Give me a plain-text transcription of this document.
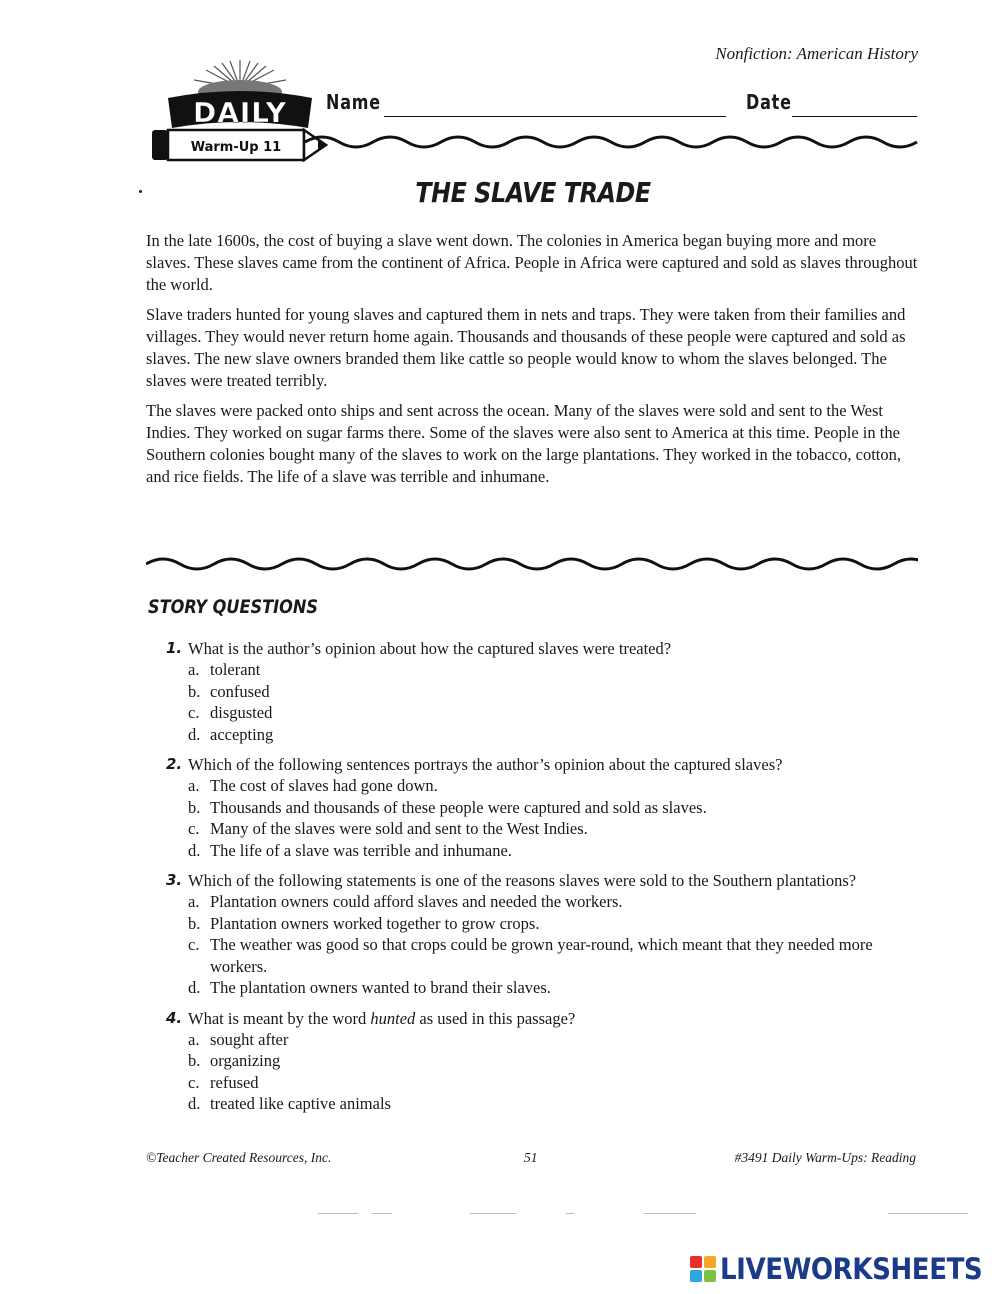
Nonfiction: American History
DAILY
Warm-Up 11
Name	Date
THE SLAVE TRADE

In the late 1600s, the cost of buying a slave went down. The colonies in America began buying more and more slaves. These slaves came from the continent of Africa. People in Africa were captured and sold as slaves throughout the world.

Slave traders hunted for young slaves and captured them in nets and traps. They were taken from their families and villages. They would never return home again. Thousands and thousands of these people were captured and sold as slaves. The new slave owners branded them like cattle so people would know to whom the slaves belonged. The slaves were treated terribly.

The slaves were packed onto ships and sent across the ocean. Many of the slaves were sold and sent to the West Indies. They worked on sugar farms there. Some of the slaves were also sent to America at this time. People in the Southern colonies bought many of the slaves to work on the large plantations. They worked in the tobacco, cotton, and rice fields. The life of a slave was terrible and inhumane.

STORY QUESTIONS
1. What is the author’s opinion about how the captured slaves were treated?
a. tolerant
b. confused
c. disgusted
d. accepting
2. Which of the following sentences portrays the author’s opinion about the captured slaves?
a. The cost of slaves had gone down.
b. Thousands and thousands of these people were captured and sold as slaves.
c. Many of the slaves were sold and sent to the West Indies.
d. The life of a slave was terrible and inhumane.
3. Which of the following statements is one of the reasons slaves were sold to the Southern plantations?
a. Plantation owners could afford slaves and needed the workers.
b. Plantation owners worked together to grow crops.
c. The weather was good so that crops could be grown year-round, which meant that they needed more workers.
d. The plantation owners wanted to brand their slaves.
4. What is meant by the word hunted as used in this passage?
a. sought after
b. organizing
c. refused
d. treated like captive animals
©Teacher Created Resources, Inc.	51	#3491 Daily Warm-Ups: Reading
LIVEWORKSHEETS
